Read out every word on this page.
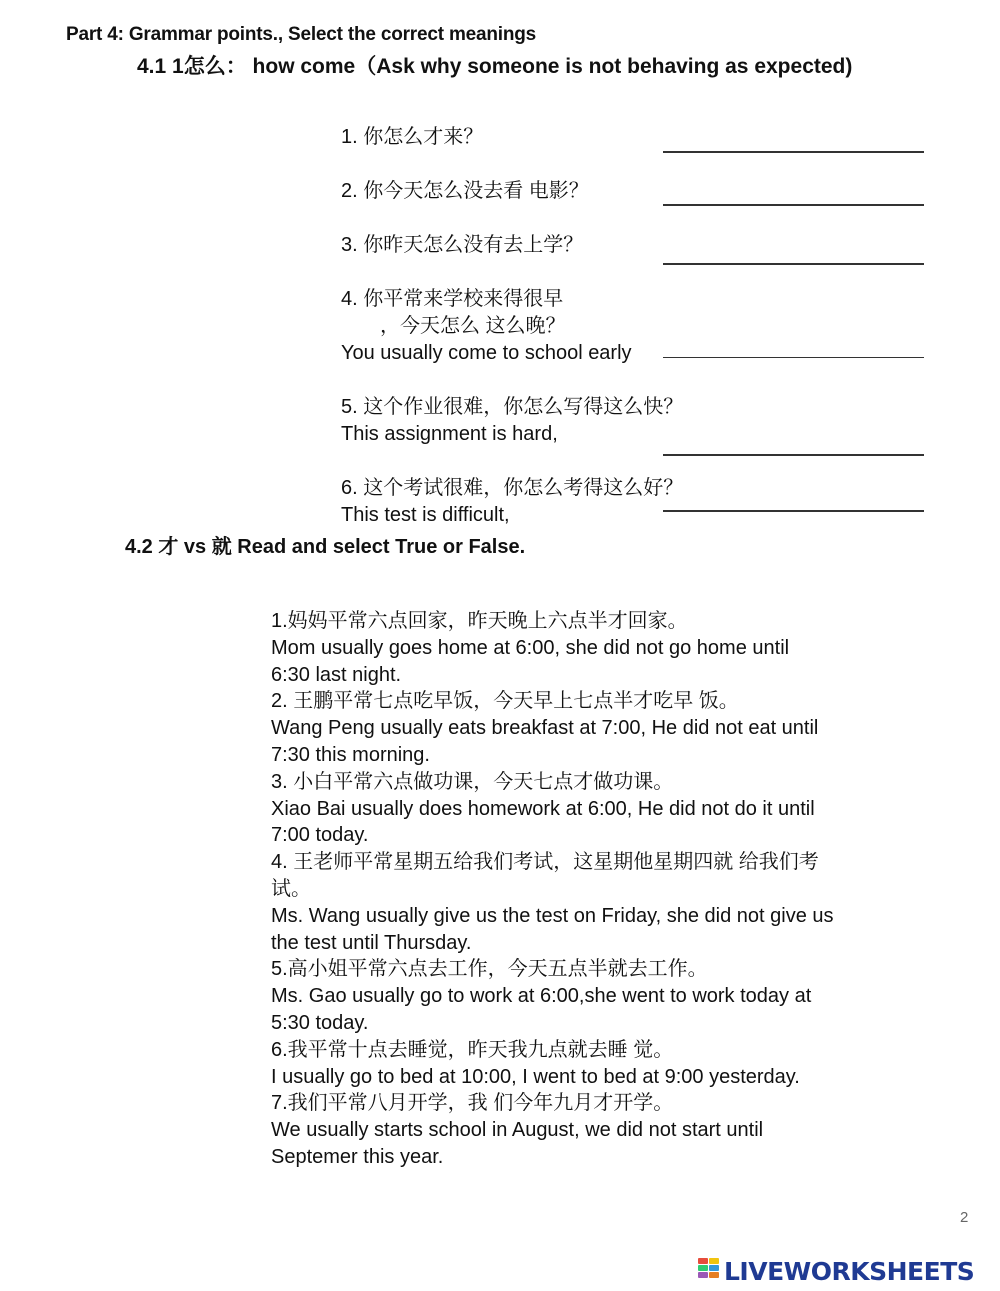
Part 4: Grammar points., Select the correct meanings
4.1 1怎么： how come（Ask why someone is not behaving as expected)
1. 你怎么才来？
2. 你今天怎么没去看 电影？
3. 你昨天怎么没有去上学？
4. 你平常来学校来得很早
，今天怎么 这么晚？
You usually come to school early
5. 这个作业很难，你怎么写得这么快？
This assignment is hard,
6. 这个考试很难，你怎么考得这么好？
This test is difficult,
4.2 才 vs 就 Read and select True or False.
1.妈妈平常六点回家，昨天晚上六点半才回家。
Mom usually goes home at 6:00, she did not go home until
6:30 last night.
2. 王鹏平常七点吃早饭，今天早上七点半才吃早 饭。
Wang Peng usually eats breakfast at 7:00, He did not eat until
7:30 this morning.
3. 小白平常六点做功课，今天七点才做功课。
Xiao Bai usually does homework at 6:00, He did not do it until
7:00 today.
4. 王老师平常星期五给我们考试，这星期他星期四就 给我们考
试。
Ms. Wang usually give us the test on Friday, she did not give us
the test until Thursday.
5.高小姐平常六点去工作，今天五点半就去工作。
Ms. Gao usually go to work at 6:00,she went to work today at
5:30 today.
6.我平常十点去睡觉，昨天我九点就去睡 觉。
I usually go to bed at 10:00, I went to bed at 9:00 yesterday.
7.我们平常八月开学，我 们今年九月才开学。
We usually starts school in August, we did not start until
Septemer this year.
2
LIVEWORKSHEETS
